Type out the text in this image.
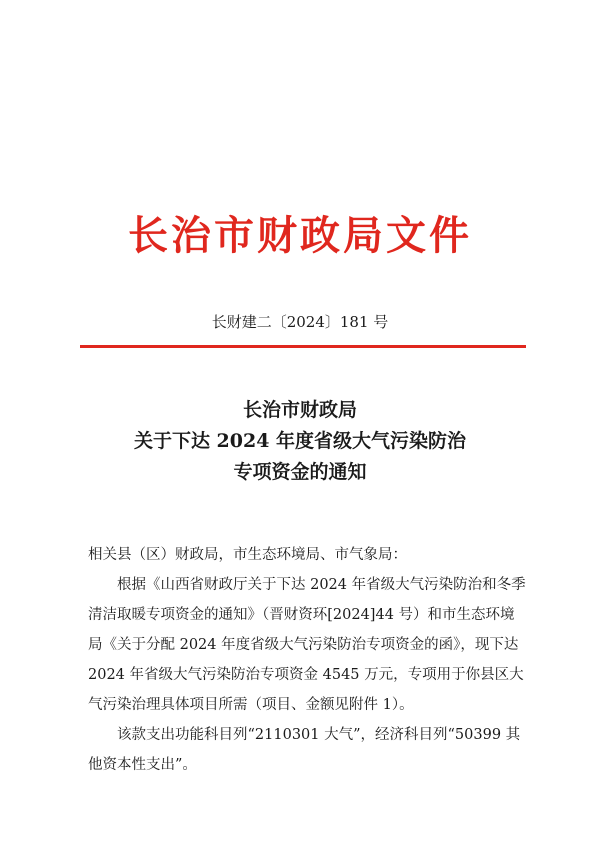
长治市财政局文件
长财建二〔2024〕181 号
长治市财政局
关于下达 2024 年度省级大气污染防治
专项资金的通知

相关县（区）财政局，市生态环境局、市气象局：

根据《山西省财政厅关于下达 2024 年省级大气污染防治和冬季清洁取暖专项资金的通知》（晋财资环[2024]44 号）和市生态环境局《关于分配 2024 年度省级大气污染防治专项资金的函》，现下达 2024 年省级大气污染防治专项资金 4545 万元，专项用于你县区大气污染治理具体项目所需（项目、金额见附件 1）。

该款支出功能科目列“2110301 大气”，经济科目列“50399 其他资本性支出”。
